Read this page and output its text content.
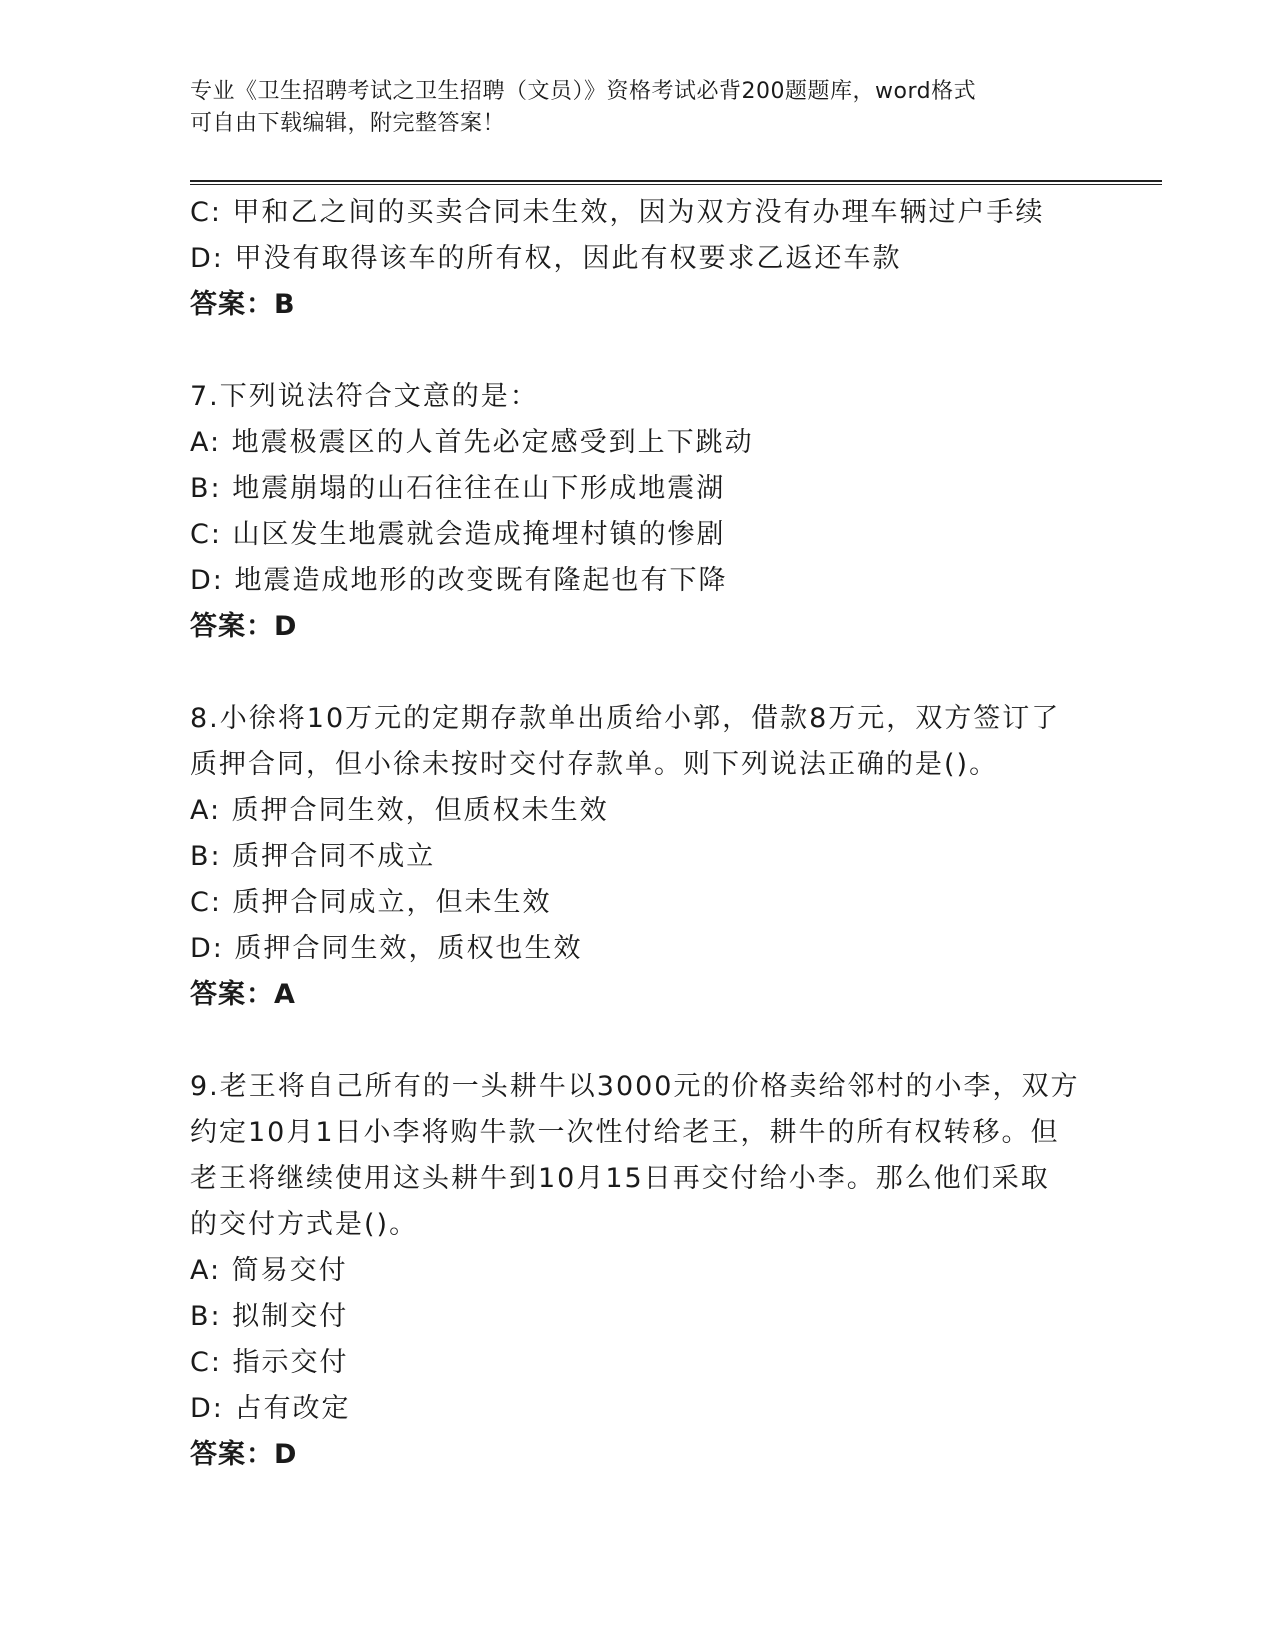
专业《卫生招聘考试之卫生招聘（文员）》资格考试必背200题题库，word格式
可自由下载编辑，附完整答案！
C: 甲和乙之间的买卖合同未生效，因为双方没有办理车辆过户手续
D: 甲没有取得该车的所有权，因此有权要求乙返还车款
答案：B
7.下列说法符合文意的是：
A: 地震极震区的人首先必定感受到上下跳动
B: 地震崩塌的山石往往在山下形成地震湖
C: 山区发生地震就会造成掩埋村镇的惨剧
D: 地震造成地形的改变既有隆起也有下降
答案：D
8.小徐将10万元的定期存款单出质给小郭，借款8万元，双方签订了
质押合同，但小徐未按时交付存款单。则下列说法正确的是()。
A: 质押合同生效，但质权未生效
B: 质押合同不成立
C: 质押合同成立，但未生效
D: 质押合同生效，质权也生效
答案：A
9.老王将自己所有的一头耕牛以3000元的价格卖给邻村的小李，双方
约定10月1日小李将购牛款一次性付给老王，耕牛的所有权转移。但
老王将继续使用这头耕牛到10月15日再交付给小李。那么他们采取
的交付方式是()。
A: 简易交付
B: 拟制交付
C: 指示交付
D: 占有改定
答案：D
